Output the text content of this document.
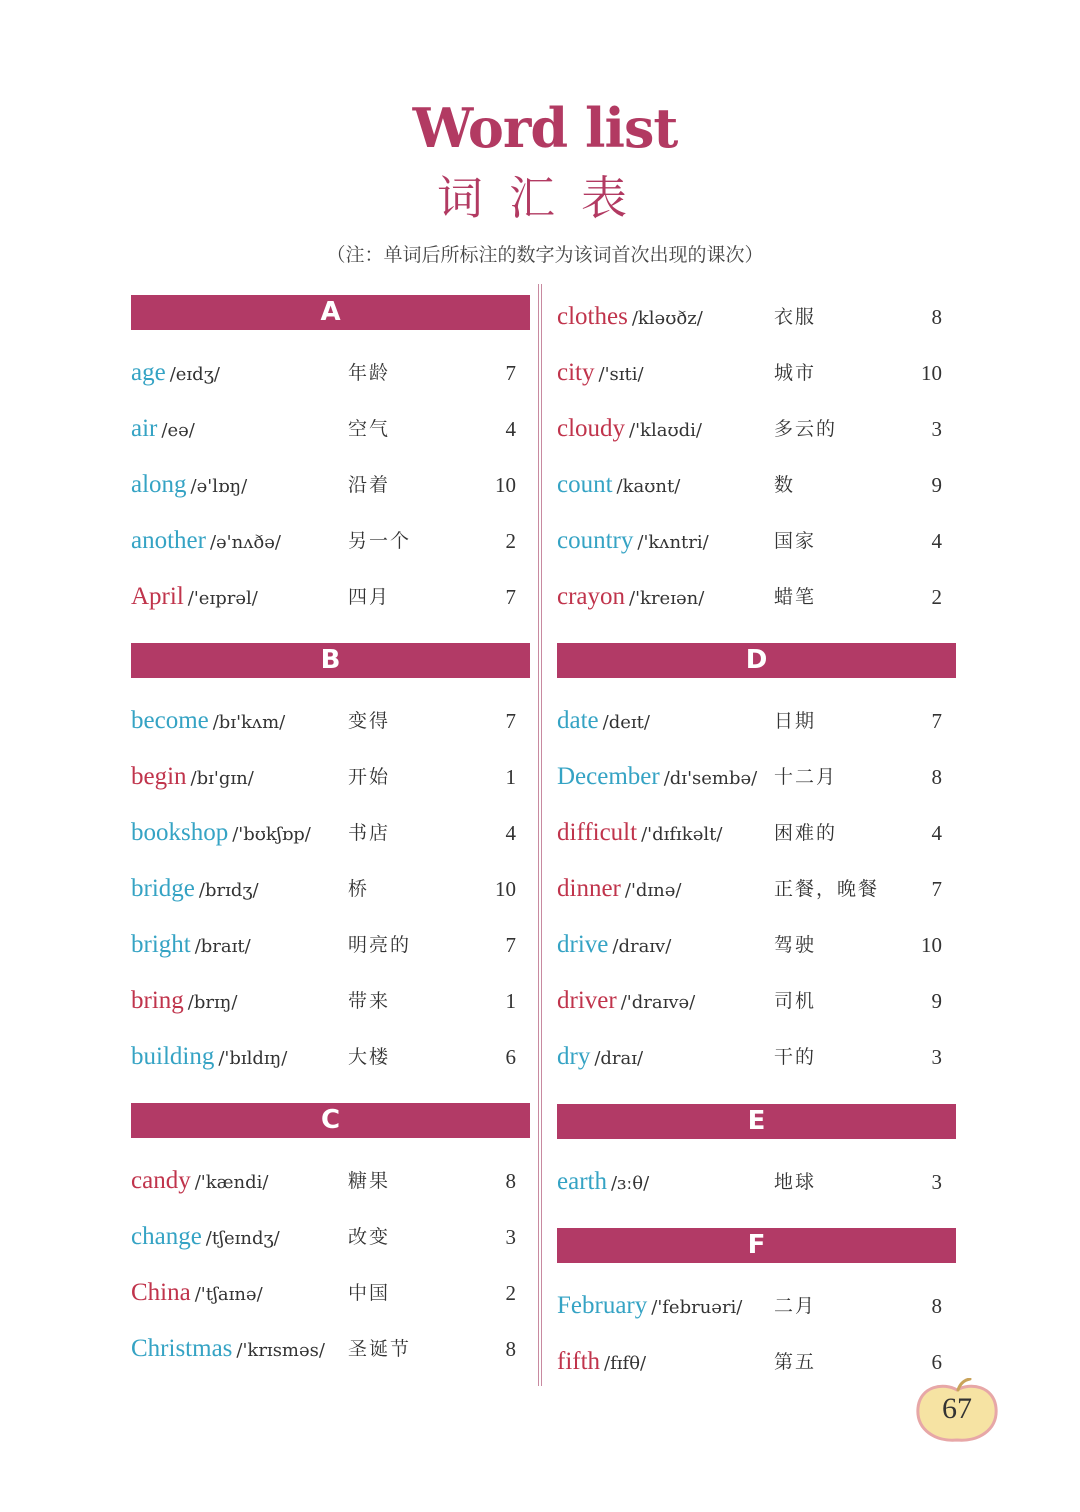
Word list
词汇表
（注：单词后所标注的数字为该词首次出现的课次）
A
age /eɪdʒ/	年龄	7
air /eə/	空气	4
along /ə'lɒŋ/	沿着	10
another /ə'nʌðə/	另一个	2
April /'eɪprəl/	四月	7
B
become /bɪ'kʌm/	变得	7
begin /bɪ'gɪn/	开始	1
bookshop /'bʊkʃɒp/ 书店	4
bridge /brɪdʒ/	桥	10
bright /braɪt/	明亮的	7
bring /brɪŋ/	带来	1
building /'bɪldɪŋ/	大楼	6
C
candy /'kændi/	糖果	8
change /tʃeɪndʒ/	改变	3
China /'tʃaɪnə/	中国	2
Christmas /'krɪsməs/ 圣诞节	8
clothes /kləʊðz/	衣服	8
city /'sɪti/	城市	10
cloudy /'klaʊdi/	多云的	3
count /kaʊnt/	数	9
country /'kʌntri/	国家	4
crayon /'kreɪən/	蜡笔	2
D
date /deɪt/	日期	7
December /dɪ'sembə/ 十二月	8
difficult /'dɪfɪkəlt/	困难的	4
dinner /'dɪnə/	正餐，晚餐	7
drive /draɪv/	驾驶	10
driver /'draɪvə/	司机	9
dry /draɪ/	干的	3
E
earth /ɜːθ/	地球	3
F
February /'februəri/ 二月	8
fifth /fɪfθ/	第五	6
67
